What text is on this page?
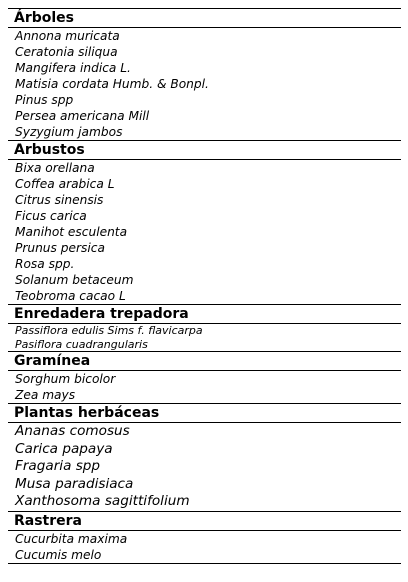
Árboles
Annona muricata
Ceratonia siliqua
Mangifera indica L.
Matisia cordata Humb. & Bonpl.
Pinus spp
Persea americana Mill
Syzygium jambos
Arbustos
Bixa orellana
Coffea arabica L
Citrus sinensis
Ficus carica
Manihot esculenta
Prunus persica
Rosa spp.
Solanum betaceum
Teobroma cacao L
Enredadera trepadora
Passiflora edulis Sims f. flavicarpa
Pasiflora cuadrangularis
Gramínea
Sorghum bicolor
Zea mays
Plantas herbáceas
Ananas comosus
Carica papaya
Fragaria spp
Musa paradisiaca
Xanthosoma sagittifolium
Rastrera
Cucurbita maxima
Cucumis melo
